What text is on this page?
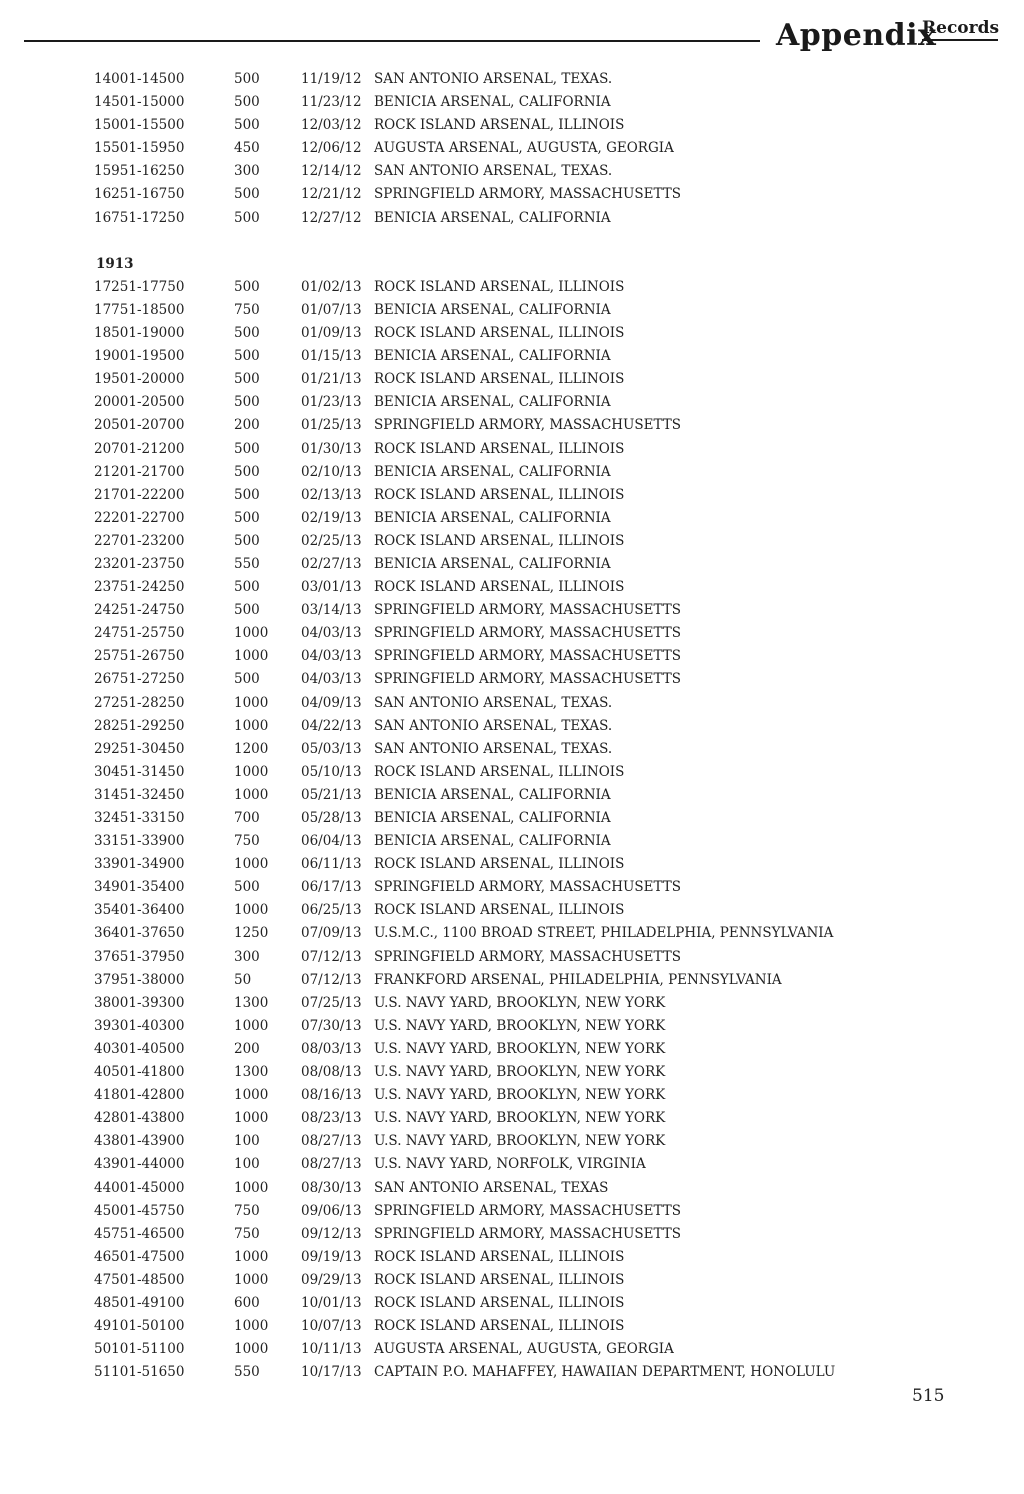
Appendix
Records
14001-14500	500	11/19/12 SAN ANTONIO ARSENAL, TEXAS.
14501-15000	500	11/23/12 BENICIA ARSENAL, CALIFORNIA
15001-15500	500	12/03/12 ROCK ISLAND ARSENAL, ILLINOIS
15501-15950	450	12/06/12 AUGUSTA ARSENAL, AUGUSTA, GEORGIA
15951-16250	300	12/14/12 SAN ANTONIO ARSENAL, TEXAS.
16251-16750	500	12/21/12 SPRINGFIELD ARMORY, MASSACHUSETTS
16751-17250	500	12/27/12 BENICIA ARSENAL, CALIFORNIA
1913
17251-17750	500	01/02/13 ROCK ISLAND ARSENAL, ILLINOIS
17751-18500	750	01/07/13 BENICIA ARSENAL, CALIFORNIA
18501-19000	500	01/09/13 ROCK ISLAND ARSENAL, ILLINOIS
19001-19500	500	01/15/13 BENICIA ARSENAL, CALIFORNIA
19501-20000	500	01/21/13 ROCK ISLAND ARSENAL, ILLINOIS
20001-20500	500	01/23/13 BENICIA ARSENAL, CALIFORNIA
20501-20700	200	01/25/13 SPRINGFIELD ARMORY, MASSACHUSETTS
20701-21200	500	01/30/13 ROCK ISLAND ARSENAL, ILLINOIS
21201-21700	500	02/10/13 BENICIA ARSENAL, CALIFORNIA
21701-22200	500	02/13/13 ROCK ISLAND ARSENAL, ILLINOIS
22201-22700	500	02/19/13 BENICIA ARSENAL, CALIFORNIA
22701-23200	500	02/25/13 ROCK ISLAND ARSENAL, ILLINOIS
23201-23750	550	02/27/13 BENICIA ARSENAL, CALIFORNIA
23751-24250	500	03/01/13 ROCK ISLAND ARSENAL, ILLINOIS
24251-24750	500	03/14/13 SPRINGFIELD ARMORY, MASSACHUSETTS
24751-25750	1000 04/03/13 SPRINGFIELD ARMORY, MASSACHUSETTS
25751-26750	1000 04/03/13 SPRINGFIELD ARMORY, MASSACHUSETTS
26751-27250	500	04/03/13 SPRINGFIELD ARMORY, MASSACHUSETTS
27251-28250	1000 04/09/13 SAN ANTONIO ARSENAL, TEXAS.
28251-29250	1000 04/22/13 SAN ANTONIO ARSENAL, TEXAS.
29251-30450	1200 05/03/13 SAN ANTONIO ARSENAL, TEXAS.
30451-31450	1000 05/10/13 ROCK ISLAND ARSENAL, ILLINOIS
31451-32450	1000 05/21/13 BENICIA ARSENAL, CALIFORNIA
32451-33150	700	05/28/13 BENICIA ARSENAL, CALIFORNIA
33151-33900	750	06/04/13 BENICIA ARSENAL, CALIFORNIA
33901-34900	1000 06/11/13 ROCK ISLAND ARSENAL, ILLINOIS
34901-35400	500	06/17/13 SPRINGFIELD ARMORY, MASSACHUSETTS
35401-36400	1000 06/25/13 ROCK ISLAND ARSENAL, ILLINOIS
36401-37650	1250 07/09/13 U.S.M.C., 1100 BROAD STREET, PHILADELPHIA, PENNSYLVANIA
37651-37950	300	07/12/13 SPRINGFIELD ARMORY, MASSACHUSETTS
37951-38000	50	07/12/13 FRANKFORD ARSENAL, PHILADELPHIA, PENNSYLVANIA
38001-39300	1300 07/25/13 U.S. NAVY YARD, BROOKLYN, NEW YORK
39301-40300	1000 07/30/13 U.S. NAVY YARD, BROOKLYN, NEW YORK
40301-40500	200	08/03/13 U.S. NAVY YARD, BROOKLYN, NEW YORK
40501-41800	1300 08/08/13 U.S. NAVY YARD, BROOKLYN, NEW YORK
41801-42800	1000 08/16/13 U.S. NAVY YARD, BROOKLYN, NEW YORK
42801-43800	1000 08/23/13 U.S. NAVY YARD, BROOKLYN, NEW YORK
43801-43900	100	08/27/13 U.S. NAVY YARD, BROOKLYN, NEW YORK
43901-44000	100	08/27/13 U.S. NAVY YARD, NORFOLK, VIRGINIA
44001-45000	1000 08/30/13 SAN ANTONIO ARSENAL, TEXAS
45001-45750	750	09/06/13 SPRINGFIELD ARMORY, MASSACHUSETTS
45751-46500	750	09/12/13 SPRINGFIELD ARMORY, MASSACHUSETTS
46501-47500	1000 09/19/13 ROCK ISLAND ARSENAL, ILLINOIS
47501-48500	1000 09/29/13 ROCK ISLAND ARSENAL, ILLINOIS
48501-49100	600	10/01/13 ROCK ISLAND ARSENAL, ILLINOIS
49101-50100	1000 10/07/13 ROCK ISLAND ARSENAL, ILLINOIS
50101-51100	1000 10/11/13 AUGUSTA ARSENAL, AUGUSTA, GEORGIA
51101-51650	550	10/17/13 CAPTAIN P.O. MAHAFFEY, HAWAIIAN DEPARTMENT, HONOLULU
515
